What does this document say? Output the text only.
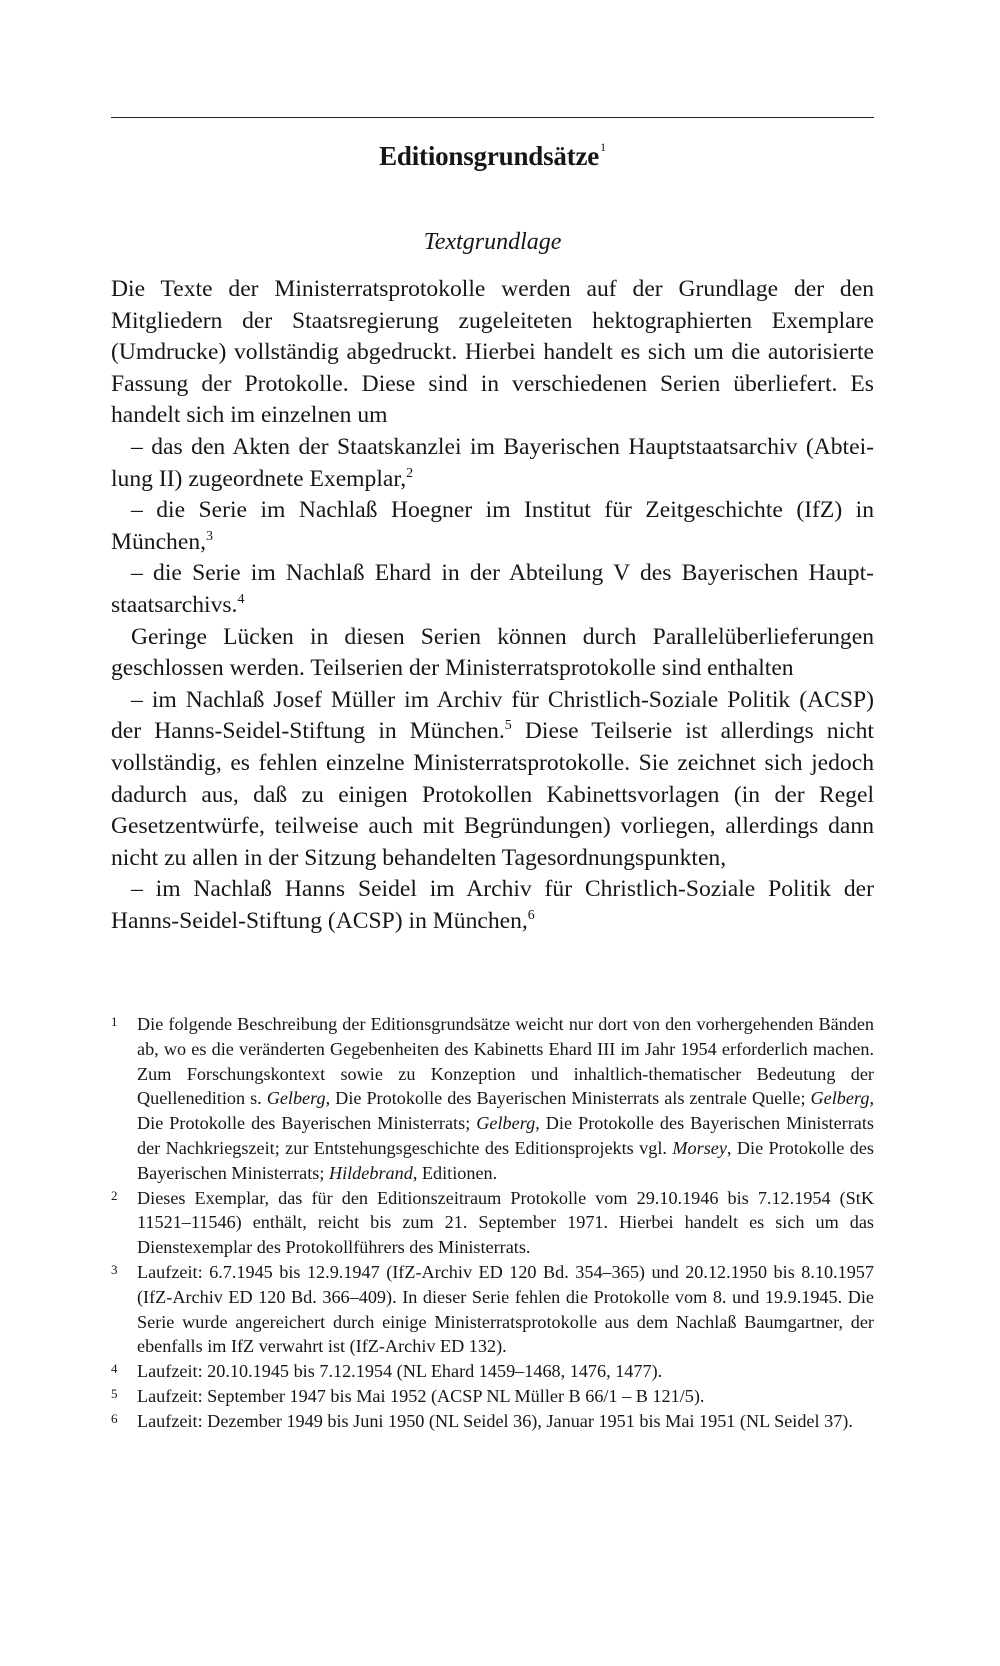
Editionsgrundsätze$^1$
Textgrundlage

Die Texte der Ministerratsprotokolle werden auf der Grundlage der den Mitgliedern der Staatsregierung zugeleiteten hektographierten Exemplare (Umdrucke) vollständig abgedruckt. Hierbei handelt es sich um die autorisierte Fassung der Protokolle. Diese sind in verschiedenen Serien überliefert. Es handelt sich im einzelnen um

– das den Akten der Staatskanzlei im Bayerischen Hauptstaatsarchiv (Abteilung II) zugeordnete Exemplar,$^2$

– die Serie im Nachlaß Hoegner im Institut für Zeitgeschichte (IfZ) in München,$^3$

– die Serie im Nachlaß Ehard in der Abteilung V des Bayerischen Hauptstaatsarchivs.$^4$

Geringe Lücken in diesen Serien können durch Parallelüberlieferungen geschlossen werden. Teilserien der Ministerratsprotokolle sind enthalten

– im Nachlaß Josef Müller im Archiv für Christlich-Soziale Politik (ACSP) der Hanns-Seidel-Stiftung in München.$^5$ Diese Teilserie ist allerdings nicht vollständig, es fehlen einzelne Ministerratsprotokolle. Sie zeichnet sich jedoch dadurch aus, daß zu einigen Protokollen Kabinettsvorlagen (in der Regel Gesetzentwürfe, teilweise auch mit Begründungen) vorliegen, allerdings dann nicht zu allen in der Sitzung behandelten Tagesordnungspunkten,

– im Nachlaß Hanns Seidel im Archiv für Christlich-Soziale Politik der Hanns-Seidel-Stiftung (ACSP) in München,$^6$

1 Die folgende Beschreibung der Editionsgrundsätze weicht nur dort von den vorhergehenden Bänden ab, wo es die veränderten Gegebenheiten des Kabinetts Ehard III im Jahr 1954 erforderlich machen. Zum Forschungskontext sowie zu Konzeption und inhaltlich-thematischer Bedeutung der Quellenedition s. Gelberg, Die Protokolle des Bayerischen Ministerrats als zentrale Quelle; Gelberg, Die Protokolle des Bayerischen Ministerrats; Gelberg, Die Protokolle des Bayerischen Ministerrats der Nachkriegszeit; zur Entstehungsgeschichte des Editionsprojekts vgl. Morsey, Die Protokolle des Bayerischen Ministerrats; Hildebrand, Editionen.

2 Dieses Exemplar, das für den Editionszeitraum Protokolle vom 29.10.1946 bis 7.12.1954 (StK 11521–11546) enthält, reicht bis zum 21. September 1971. Hierbei handelt es sich um das Dienstexemplar des Protokollführers des Ministerrats.

3 Laufzeit: 6.7.1945 bis 12.9.1947 (IfZ-Archiv ED 120 Bd. 354–365) und 20.12.1950 bis 8.10.1957 (IfZ-Archiv ED 120 Bd. 366–409). In dieser Serie fehlen die Protokolle vom 8. und 19.9.1945. Die Serie wurde angereichert durch einige Ministerratsprotokolle aus dem Nachlaß Baumgartner, der ebenfalls im IfZ verwahrt ist (IfZ-Archiv ED 132).

4 Laufzeit: 20.10.1945 bis 7.12.1954 (NL Ehard 1459–1468, 1476, 1477).

5 Laufzeit: September 1947 bis Mai 1952 (ACSP NL Müller B 66/1 – B 121/5).

6 Laufzeit: Dezember 1949 bis Juni 1950 (NL Seidel 36), Januar 1951 bis Mai 1951 (NL Seidel 37).
